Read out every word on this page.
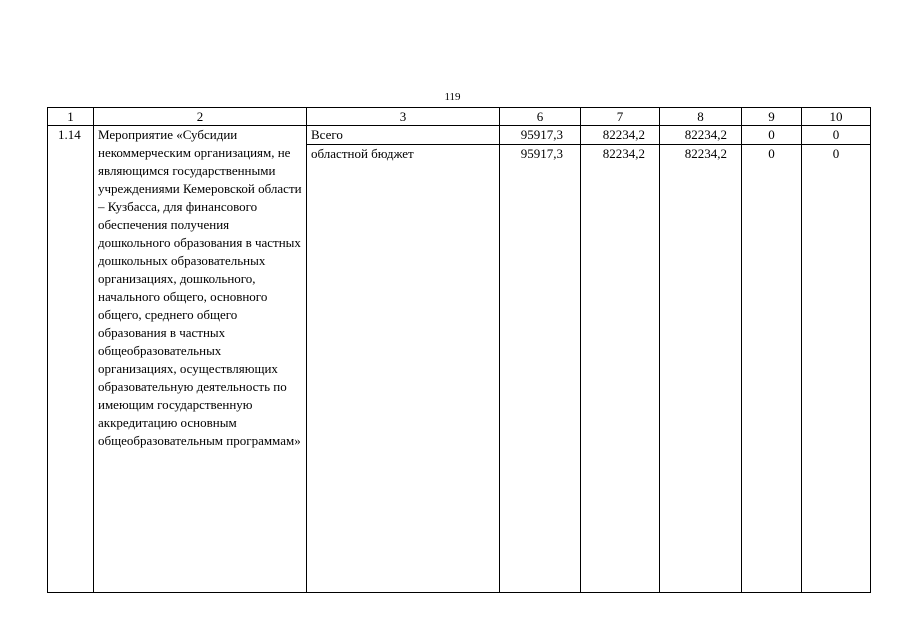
119
1	2	3	6	7	8	9	10
1.14	Мероприятие «Субсидии некоммерческим организациям, не являющимся государственными учреждениями Кемеровской области – Кузбасса, для финансового обеспечения получения дошкольного образования в частных дошкольных образовательных организациях, дошкольного, начального общего, основного общего, среднего общего образования в частных общеобразовательных организациях, осуществляющих образовательную деятельность по имеющим государственную аккредитацию основным общеобразовательным программам»	Всего	95917,3	82234,2	82234,2	0	0
		областной бюджет	95917,3	82234,2	82234,2	0	0
